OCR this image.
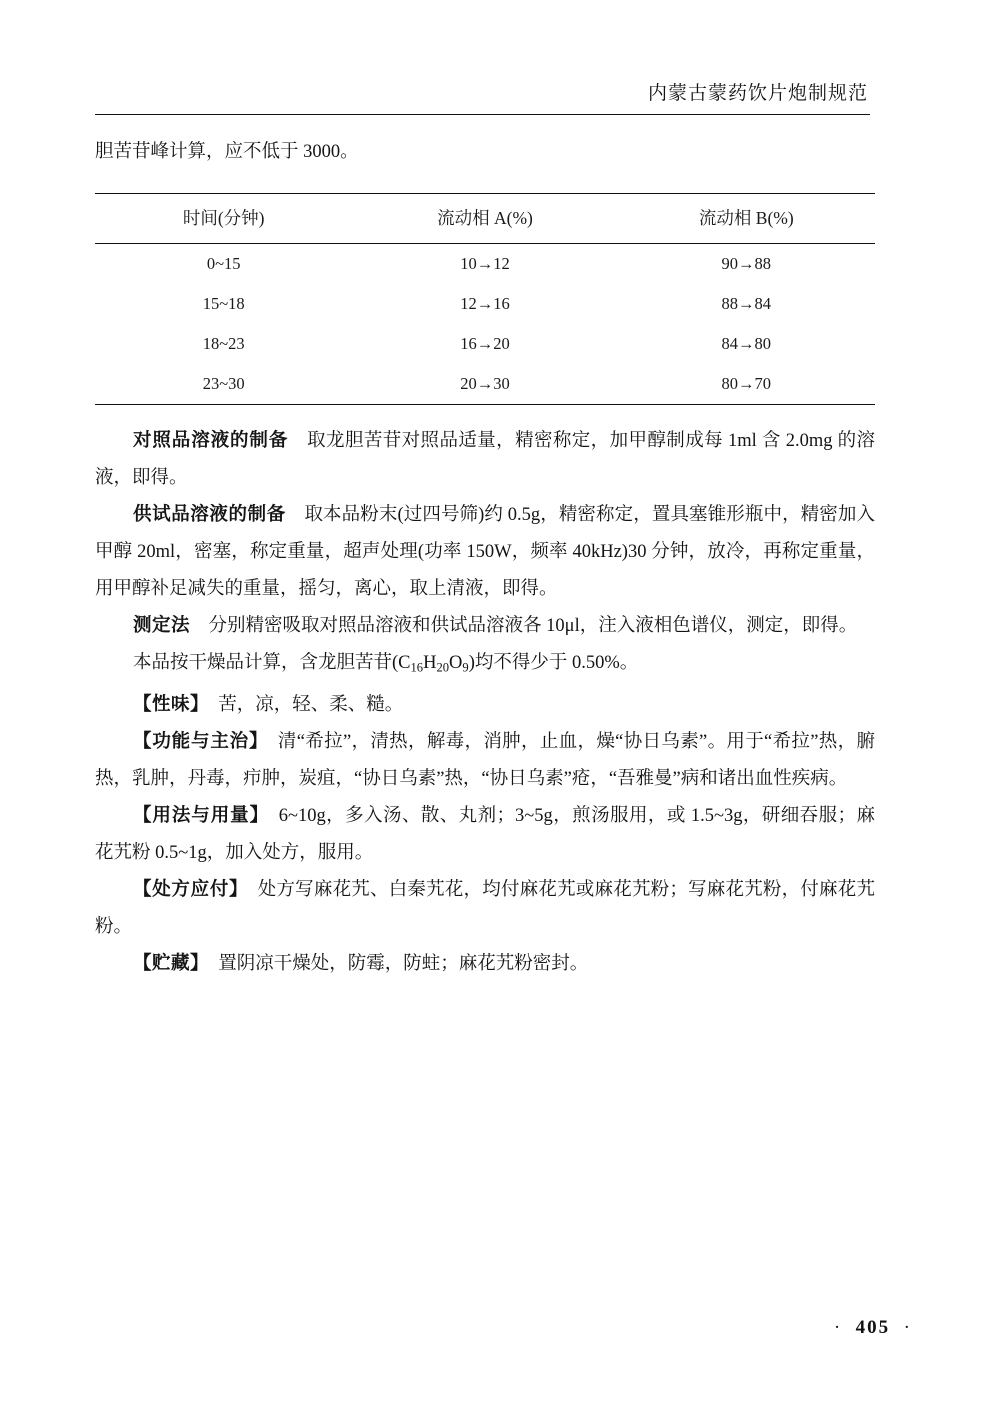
内蒙古蒙药饮片炮制规范

胆苦苷峰计算，应不低于 3000。

时间(分钟)	流动相 A(%)	流动相 B(%)
0~15	10→12	90→88
15~18	12→16	88→84
18~23	16→20	84→80
23~30	20→30	80→70

对照品溶液的制备　 取龙胆苦苷对照品适量，精密称定，加甲醇制成每 1ml 含 2.0mg 的溶液，即得。

供试品溶液的制备　 取本品粉末(过四号筛)约 0.5g，精密称定，置具塞锥形瓶中，精密加入甲醇 20ml，密塞，称定重量，超声处理(功率 150W，频率 40kHz)30 分钟，放冷，再称定重量，用甲醇补足减失的重量，摇匀，离心，取上清液，即得。

测定法　 分别精密吸取对照品溶液和供试品溶液各 10μl，注入液相色谱仪，测定，即得。

本品按干燥品计算，含龙胆苦苷$(C_{16}H_{20}O_9)$均不得少于 0.50%。

【性味】　 苦，凉，轻、柔、糙。

【功能与主治】　 清“希拉”，清热，解毒，消肿，止血，燥“协日乌素”。用于“希拉”热，腑热，乳肿，丹毒，疖肿，炭疽，“协日乌素”热，“协日乌素”疮，“吾雅曼”病和诸出血性疾病。

【用法与用量】　 6~10g，多入汤、散、丸剂；3~5g，煎汤服用，或 1.5~3g，研细吞服；麻花艽粉 0.5~1g，加入处方，服用。

【处方应付】　 处方写麻花艽、白秦艽花，均付麻花艽或麻花艽粉；写麻花艽粉，付麻花艽粉。

【贮藏】　 置阴凉干燥处，防霉，防蛀；麻花艽粉密封。

· 405 ·
